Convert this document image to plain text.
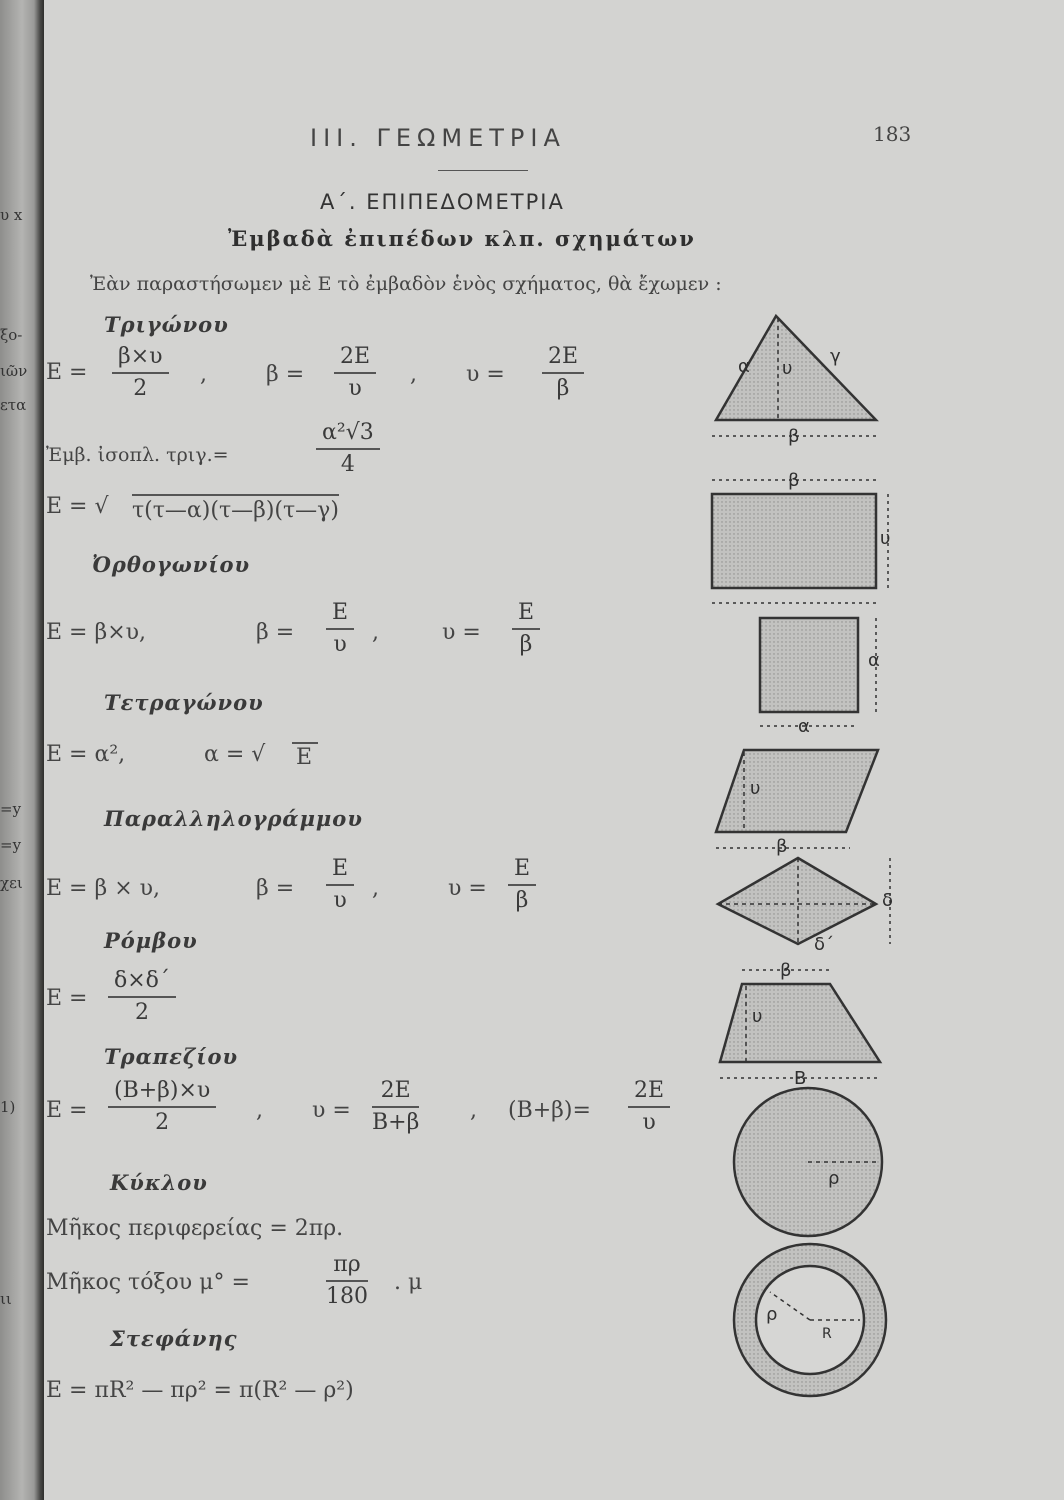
υ x
ξο-
ιῶν
ετα
=y
=y
χει
1)
ιι
III. ΓΕΩΜΕΤΡΙΑ	183
Α΄. ΕΠΙΠΕΔΟΜΕΤΡΙΑ
Ἐμβαδὰ ἐπιπέδων κλπ. σχημάτων
Ἐὰν παραστήσωμεν μὲ Ε τὸ ἐμβαδὸν ἑνὸς σχήματος, θὰ ἔχωμεν :
Τριγώνου
$E = \frac{\beta\times\upsilon}{2}$ ,	$\beta = \frac{2E}{\upsilon}$ , $\upsilon = \frac{2E}{\beta}$
Ἐμβ. ἰσοπλ. τριγ.=	$\frac{\text{α²√3}}{4}$
Ε = √ τ(τ—α)(τ—β)(τ—γ)
Ὀρθογωνίου
Ε = β×υ,	$\beta = \frac{E}{\upsilon}$ ,	$\upsilon = \frac{E}{\beta}$
Τετραγώνου
Ε = α²,	α = √ Ε
Παραλληλογράμμου
Ε = β × υ,	$\beta = \frac{E}{\upsilon}$ ,	$\upsilon = \frac{E}{\beta}$
Ρόμβου
$E = \frac{\delta\times\delta΄}{2}$
Τραπεζίου
$E = \frac{(B+\beta)\times\upsilon}{2}$ , $\upsilon = \frac{2E}{B+\beta}$ , $(B+\beta)= \frac{2E}{\upsilon}$
Κύκλου
Μῆκος περιφερείας = 2πρ.
Μῆκος τόξου μ° =	$\frac{\pi\rho}{180}$ . μ
Στεφάνης
Ε = πR² — πρ² = π(R² — ρ²)
α υ
γ
β
β
υ
α
α
υ
β
δ
δ΄
β
υ
Β
ρ
ρ
R
